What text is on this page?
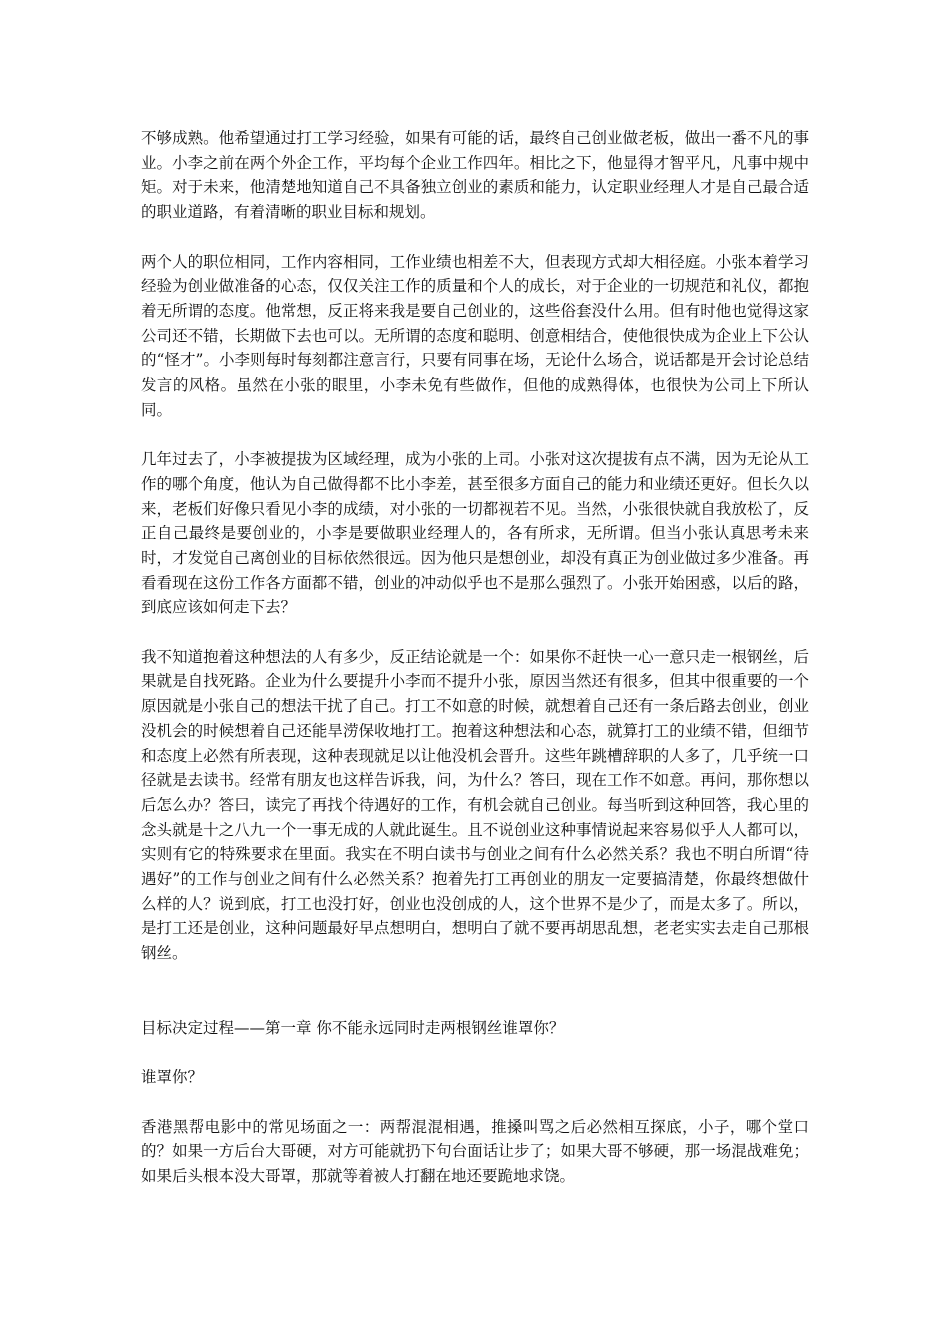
不够成熟。他希望通过打工学习经验，如果有可能的话，最终自己创业做老板，做出一番不凡的事业。小李之前在两个外企工作，平均每个企业工作四年。相比之下，他显得才智平凡，凡事中规中矩。对于未来，他清楚地知道自己不具备独立创业的素质和能力，认定职业经理人才是自己最合适的职业道路，有着清晰的职业目标和规划。

两个人的职位相同，工作内容相同，工作业绩也相差不大，但表现方式却大相径庭。小张本着学习经验为创业做准备的心态，仅仅关注工作的质量和个人的成长，对于企业的一切规范和礼仪，都抱着无所谓的态度。他常想，反正将来我是要自己创业的，这些俗套没什么用。但有时他也觉得这家公司还不错，长期做下去也可以。无所谓的态度和聪明、创意相结合，使他很快成为企业上下公认的“怪才”。小李则每时每刻都注意言行，只要有同事在场，无论什么场合，说话都是开会讨论总结发言的风格。虽然在小张的眼里，小李未免有些做作，但他的成熟得体，也很快为公司上下所认同。

几年过去了，小李被提拔为区域经理，成为小张的上司。小张对这次提拔有点不满，因为无论从工作的哪个角度，他认为自己做得都不比小李差，甚至很多方面自己的能力和业绩还更好。但长久以来，老板们好像只看见小李的成绩，对小张的一切都视若不见。当然，小张很快就自我放松了，反正自己最终是要创业的，小李是要做职业经理人的，各有所求，无所谓。但当小张认真思考未来时，才发觉自己离创业的目标依然很远。因为他只是想创业，却没有真正为创业做过多少准备。再看看现在这份工作各方面都不错，创业的冲动似乎也不是那么强烈了。小张开始困惑，以后的路，到底应该如何走下去？

我不知道抱着这种想法的人有多少，反正结论就是一个：如果你不赶快一心一意只走一根钢丝，后果就是自找死路。企业为什么要提升小李而不提升小张，原因当然还有很多，但其中很重要的一个原因就是小张自己的想法干扰了自己。打工不如意的时候，就想着自己还有一条后路去创业，创业没机会的时候想着自己还能旱涝保收地打工。抱着这种想法和心态，就算打工的业绩不错，但细节和态度上必然有所表现，这种表现就足以让他没机会晋升。这些年跳槽辞职的人多了，几乎统一口径就是去读书。经常有朋友也这样告诉我，问，为什么？答曰，现在工作不如意。再问，那你想以后怎么办？答曰，读完了再找个待遇好的工作，有机会就自己创业。每当听到这种回答，我心里的念头就是十之八九一个一事无成的人就此诞生。且不说创业这种事情说起来容易似乎人人都可以，实则有它的特殊要求在里面。我实在不明白读书与创业之间有什么必然关系？我也不明白所谓“待遇好”的工作与创业之间有什么必然关系？抱着先打工再创业的朋友一定要搞清楚，你最终想做什么样的人？说到底，打工也没打好，创业也没创成的人，这个世界不是少了，而是太多了。所以，是打工还是创业，这种问题最好早点想明白，想明白了就不要再胡思乱想，老老实实去走自己那根钢丝。

目标决定过程——第一章 你不能永远同时走两根钢丝谁罩你？

谁罩你？

香港黑帮电影中的常见场面之一：两帮混混相遇，推搡叫骂之后必然相互探底，小子，哪个堂口的？如果一方后台大哥硬，对方可能就扔下句台面话让步了；如果大哥不够硬，那一场混战难免；如果后头根本没大哥罩，那就等着被人打翻在地还要跪地求饶。
